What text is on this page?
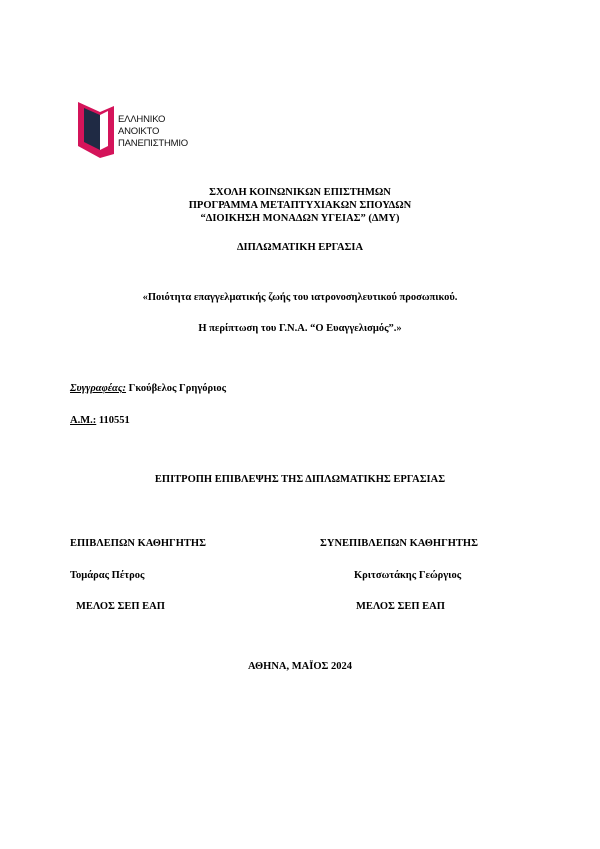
ΕΛΛΗΝΙΚΟ
ΑΝΟΙΚΤΟ
ΠΑΝΕΠΙΣΤΗΜΙΟ
ΣΧΟΛΗ ΚΟΙΝΩΝΙΚΩΝ ΕΠΙΣΤΗΜΩΝ
ΠΡΟΓΡΑΜΜΑ ΜΕΤΑΠΤΥΧΙΑΚΩΝ ΣΠΟΥΔΩΝ
“ΔΙΟΙΚΗΣΗ ΜΟΝΑΔΩΝ ΥΓΕΙΑΣ” (ΔΜΥ)
ΔΙΠΛΩΜΑΤΙΚΗ ΕΡΓΑΣΙΑ
«Ποιότητα επαγγελματικής ζωής του ιατρονοσηλευτικού προσωπικού.
Η περίπτωση του Γ.Ν.Α. “Ο Ευαγγελισμός”.»
Συγγραφέας: Γκούβελος Γρηγόριος
Α.Μ.: 110551
ΕΠΙΤΡΟΠΗ ΕΠΙΒΛΕΨΗΣ ΤΗΣ ΔΙΠΛΩΜΑΤΙΚΗΣ ΕΡΓΑΣΙΑΣ
ΕΠΙΒΛΕΠΩΝ ΚΑΘΗΓΗΤΗΣ
Τομάρας Πέτρος
ΜΕΛΟΣ ΣΕΠ ΕΑΠ
ΣΥΝΕΠΙΒΛΕΠΩΝ ΚΑΘΗΓΗΤΗΣ
Κριτσωτάκης Γεώργιος
ΜΕΛΟΣ ΣΕΠ ΕΑΠ
ΑΘΗΝΑ, ΜΑΪΟΣ 2024
